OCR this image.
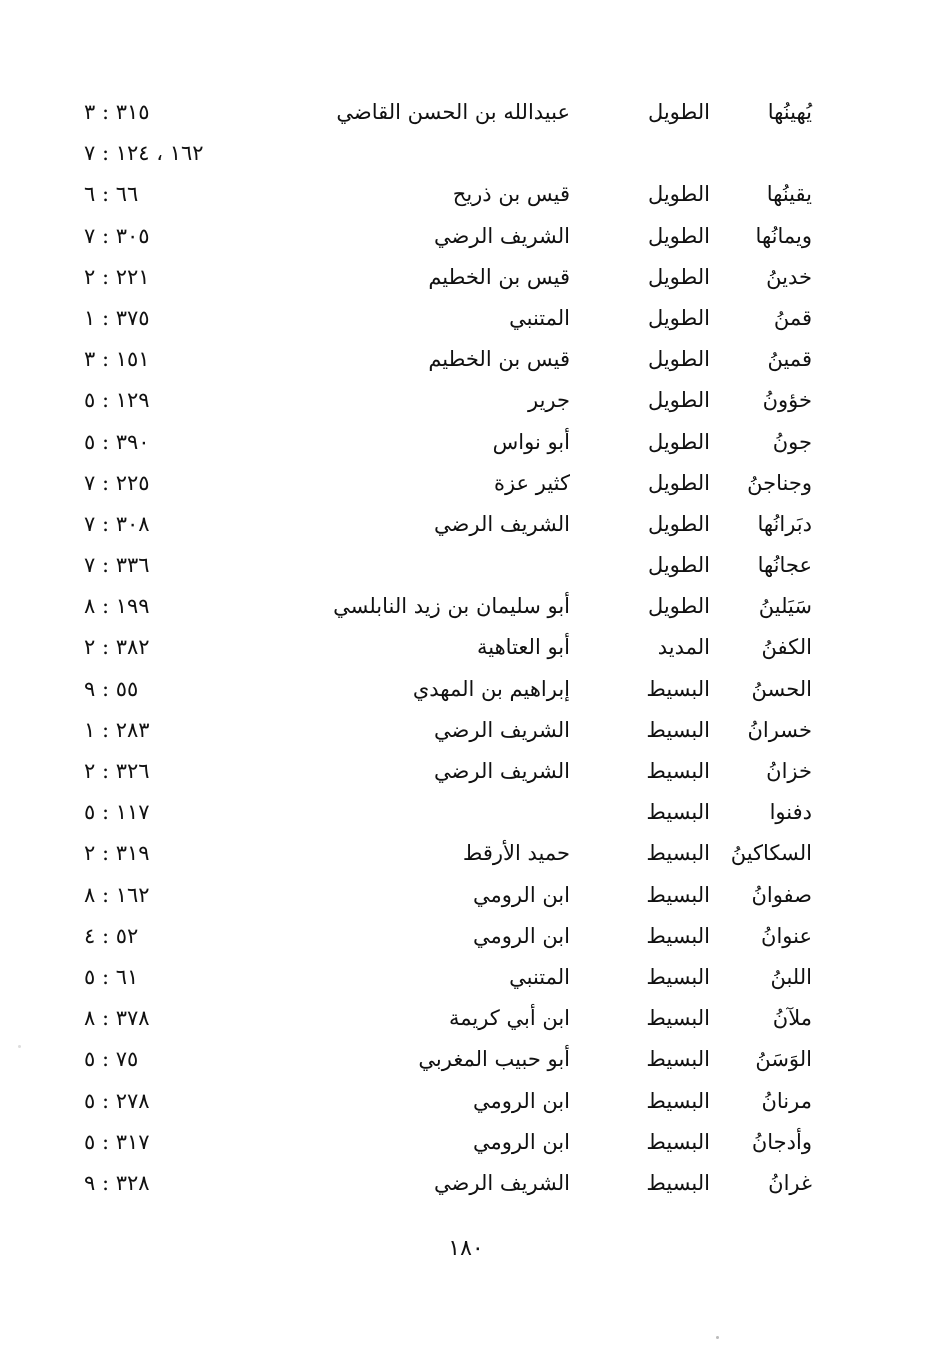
يُهينُها
الطويل
عبيدالله بن الحسن القاضي
٣١٥ : ٣
١٦٢ ، ١٢٤ : ٧
يقينُها
الطويل
قيس بن ذريح
٦٦ : ٦
ويمانُها
الطويل
الشريف الرضي
٣٠٥ : ٧
خدينُ
الطويل
قيس بن الخطيم
٢٢١ : ٢
قمنُ
الطويل
المتنبي
٣٧٥ : ١
قمينُ
الطويل
قيس بن الخطيم
١٥١ : ٣
خؤونُ
الطويل
جرير
١٢٩ : ٥
جونُ
الطويل
أبو نواس
٣٩٠ : ٥
وجناجنُ
الطويل
كثير عزة
٢٢٥ : ٧
دبَرانُها
الطويل
الشريف الرضي
٣٠٨ : ٧
عجانُها
الطويل
٣٣٦ : ٧
سَيَلينُ
الطويل
أبو سليمان بن زيد النابلسي
١٩٩ : ٨
الكفنُ
المديد
أبو العتاهية
٣٨٢ : ٢
الحسنُ
البسيط
إبراهيم بن المهدي
٥٥ : ٩
خسرانُ
البسيط
الشريف الرضي
٢٨٣ : ١
خزانُ
البسيط
الشريف الرضي
٣٢٦ : ٢
دفنوا
البسيط
١١٧ : ٥
السكاكينُ
البسيط
حميد الأرقط
٣١٩ : ٢
صفوانُ
البسيط
ابن الرومي
١٦٢ : ٨
عنوانُ
البسيط
ابن الرومي
٥٢ : ٤
اللبنُ
البسيط
المتنبي
٦١ : ٥
ملآنُ
البسيط
ابن أبي كريمة
٣٧٨ : ٨
الوَسَنُ
البسيط
أبو حبيب المغربي
٧٥ : ٥
مرنانُ
البسيط
ابن الرومي
٢٧٨ : ٥
وأدجانُ
البسيط
ابن الرومي
٣١٧ : ٥
غرانُ
البسيط
الشريف الرضي
٣٢٨ : ٩
١٨٠
